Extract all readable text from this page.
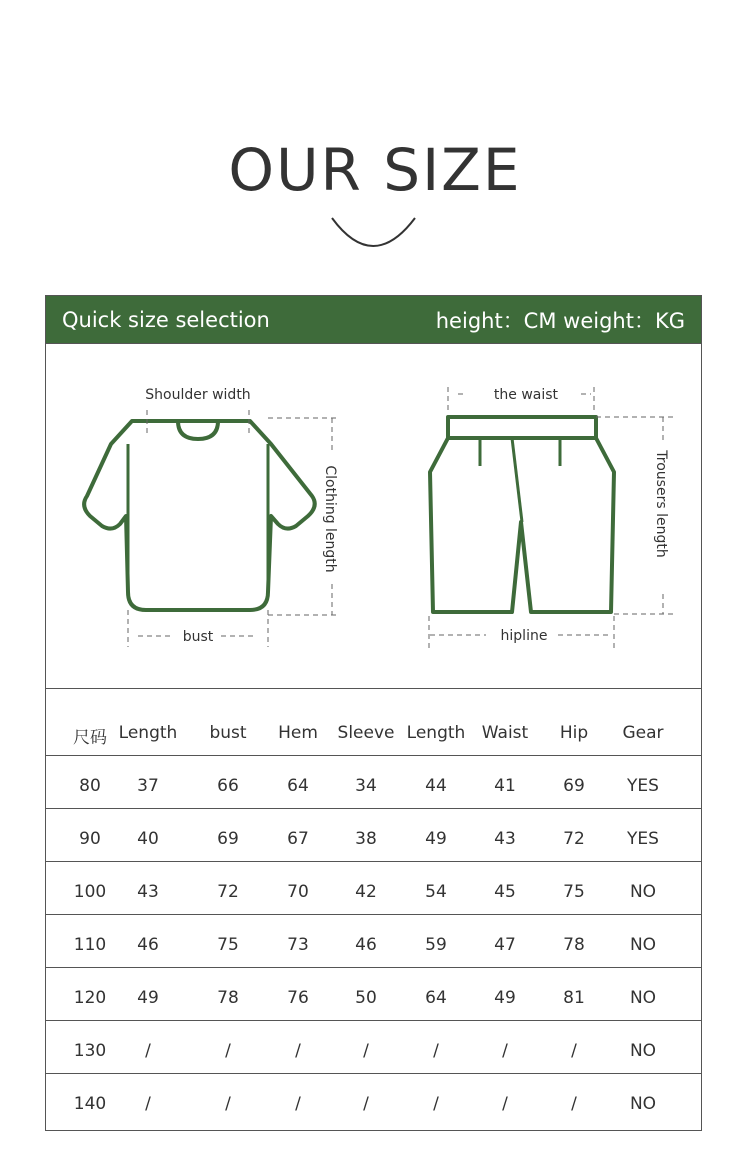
OUR SIZE
Quick size selection	height：CM weight：KG
Shoulder width
Clothing length
bust
the waist
Trousers length
hipline
尺码 Length bust Hem Sleeve Length Waist Hip Gear
80 37	66	64	34	44	41	69 YES
90 40	69	67	38	49	43	72 YES
100 43	72	70	42	54	45	75	NO
110 46	75	73	46	59	47	78	NO
120 49	78	76	50	64	49	81	NO
130 /	/	/	/	/	/	/	NO
140 /	/	/	/	/	/	/	NO
